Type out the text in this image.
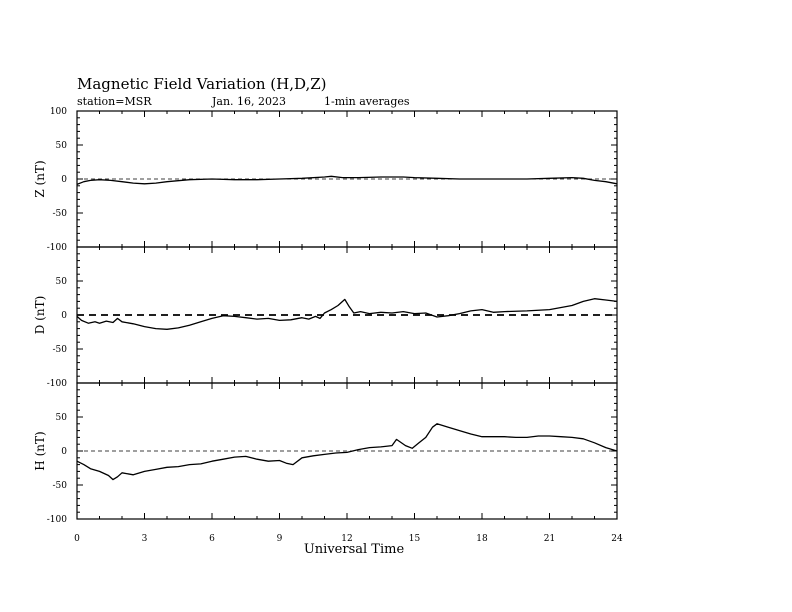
Magnetic Field Variation (H,D,Z)
station=MSR	Jan. 16, 2023	1-min averages
-100
-50
0
50
100
Z (nT)
-100
-50
0
50
D (nT)
-100
-50
0
50
H (nT)
0	3	6	9	12	15	18	21	24
Universal Time
